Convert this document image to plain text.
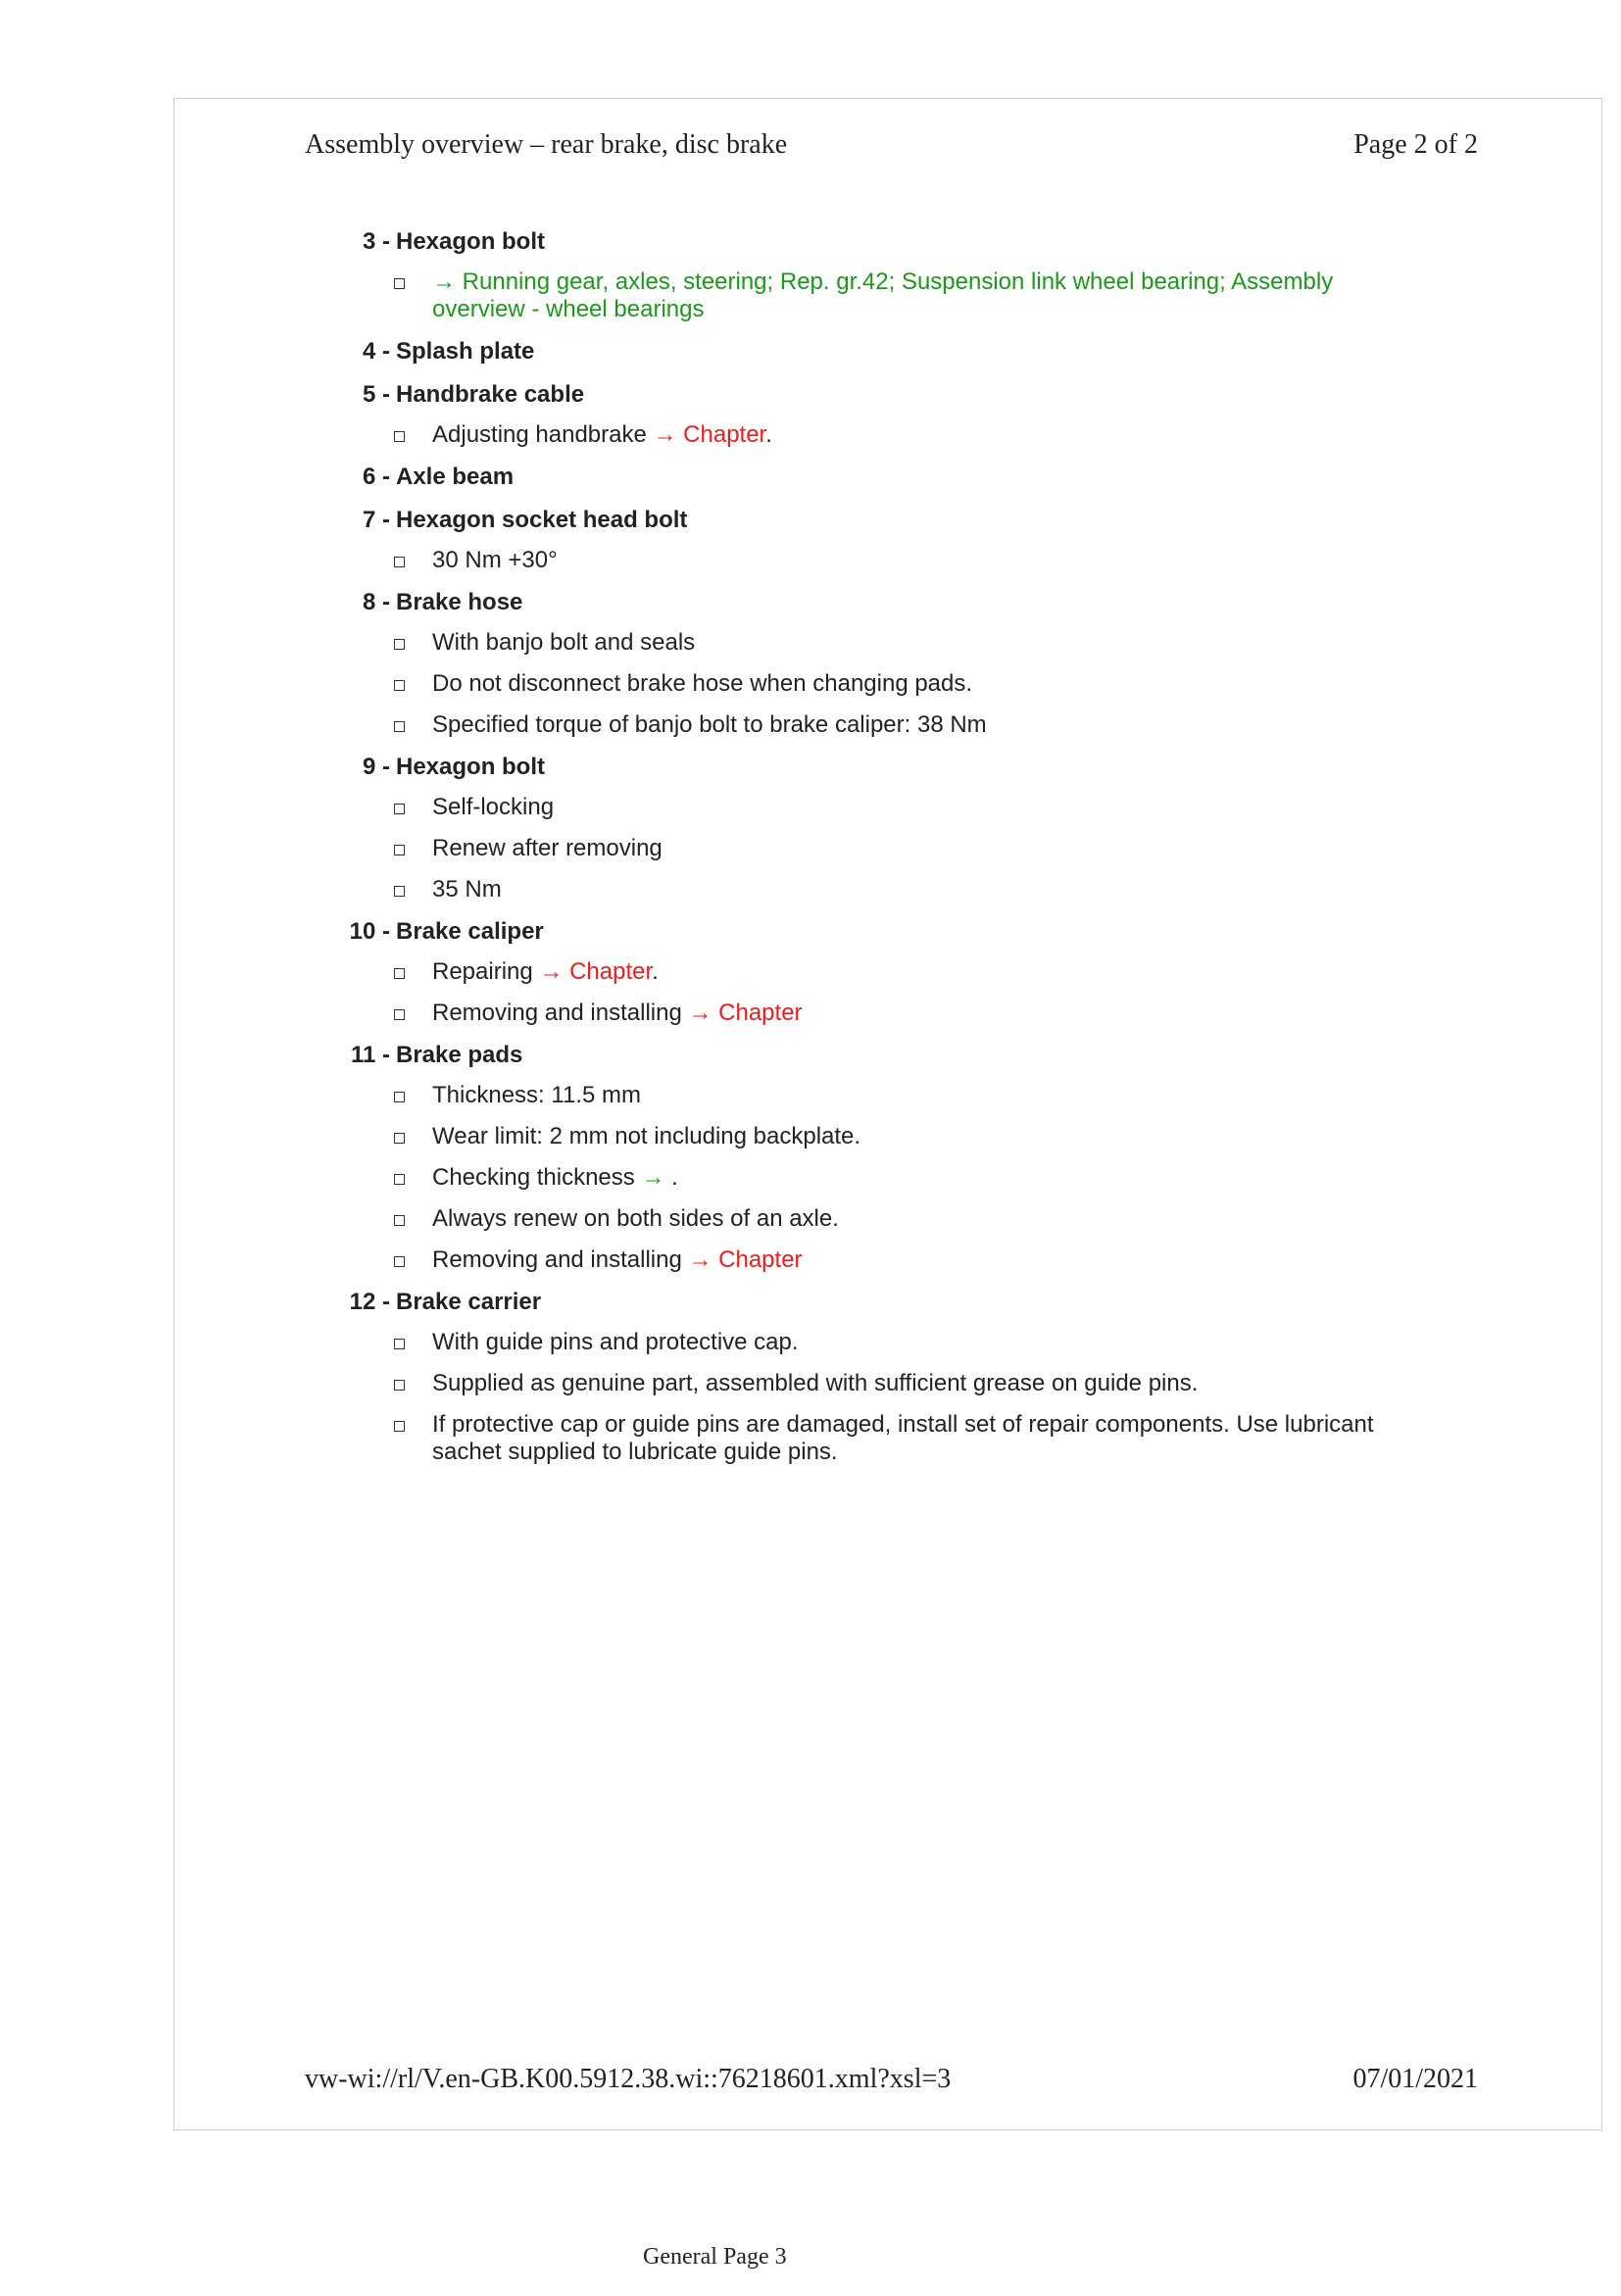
Assembly overview – rear brake, disc brake	Page 2 of 2
3 - Hexagon bolt
→ Running gear, axles, steering; Rep. gr.42; Suspension link wheel bearing; Assembly overview - wheel bearings
4 - Splash plate
5 - Handbrake cable
Adjusting handbrake → Chapter.
6 - Axle beam
7 - Hexagon socket head bolt
30 Nm +30°
8 - Brake hose
With banjo bolt and seals
Do not disconnect brake hose when changing pads.
Specified torque of banjo bolt to brake caliper: 38 Nm
9 - Hexagon bolt
Self-locking
Renew after removing
35 Nm
10 - Brake caliper
Repairing → Chapter.
Removing and installing → Chapter
11 - Brake pads
Thickness: 11.5 mm
Wear limit: 2 mm not including backplate.
Checking thickness → .
Always renew on both sides of an axle.
Removing and installing → Chapter
12 - Brake carrier
With guide pins and protective cap.
Supplied as genuine part, assembled with sufficient grease on guide pins.
If protective cap or guide pins are damaged, install set of repair components. Use lubricant sachet supplied to lubricate guide pins.
vw-wi://rl/V.en-GB.K00.5912.38.wi::76218601.xml?xsl=3	07/01/2021
General Page 3
